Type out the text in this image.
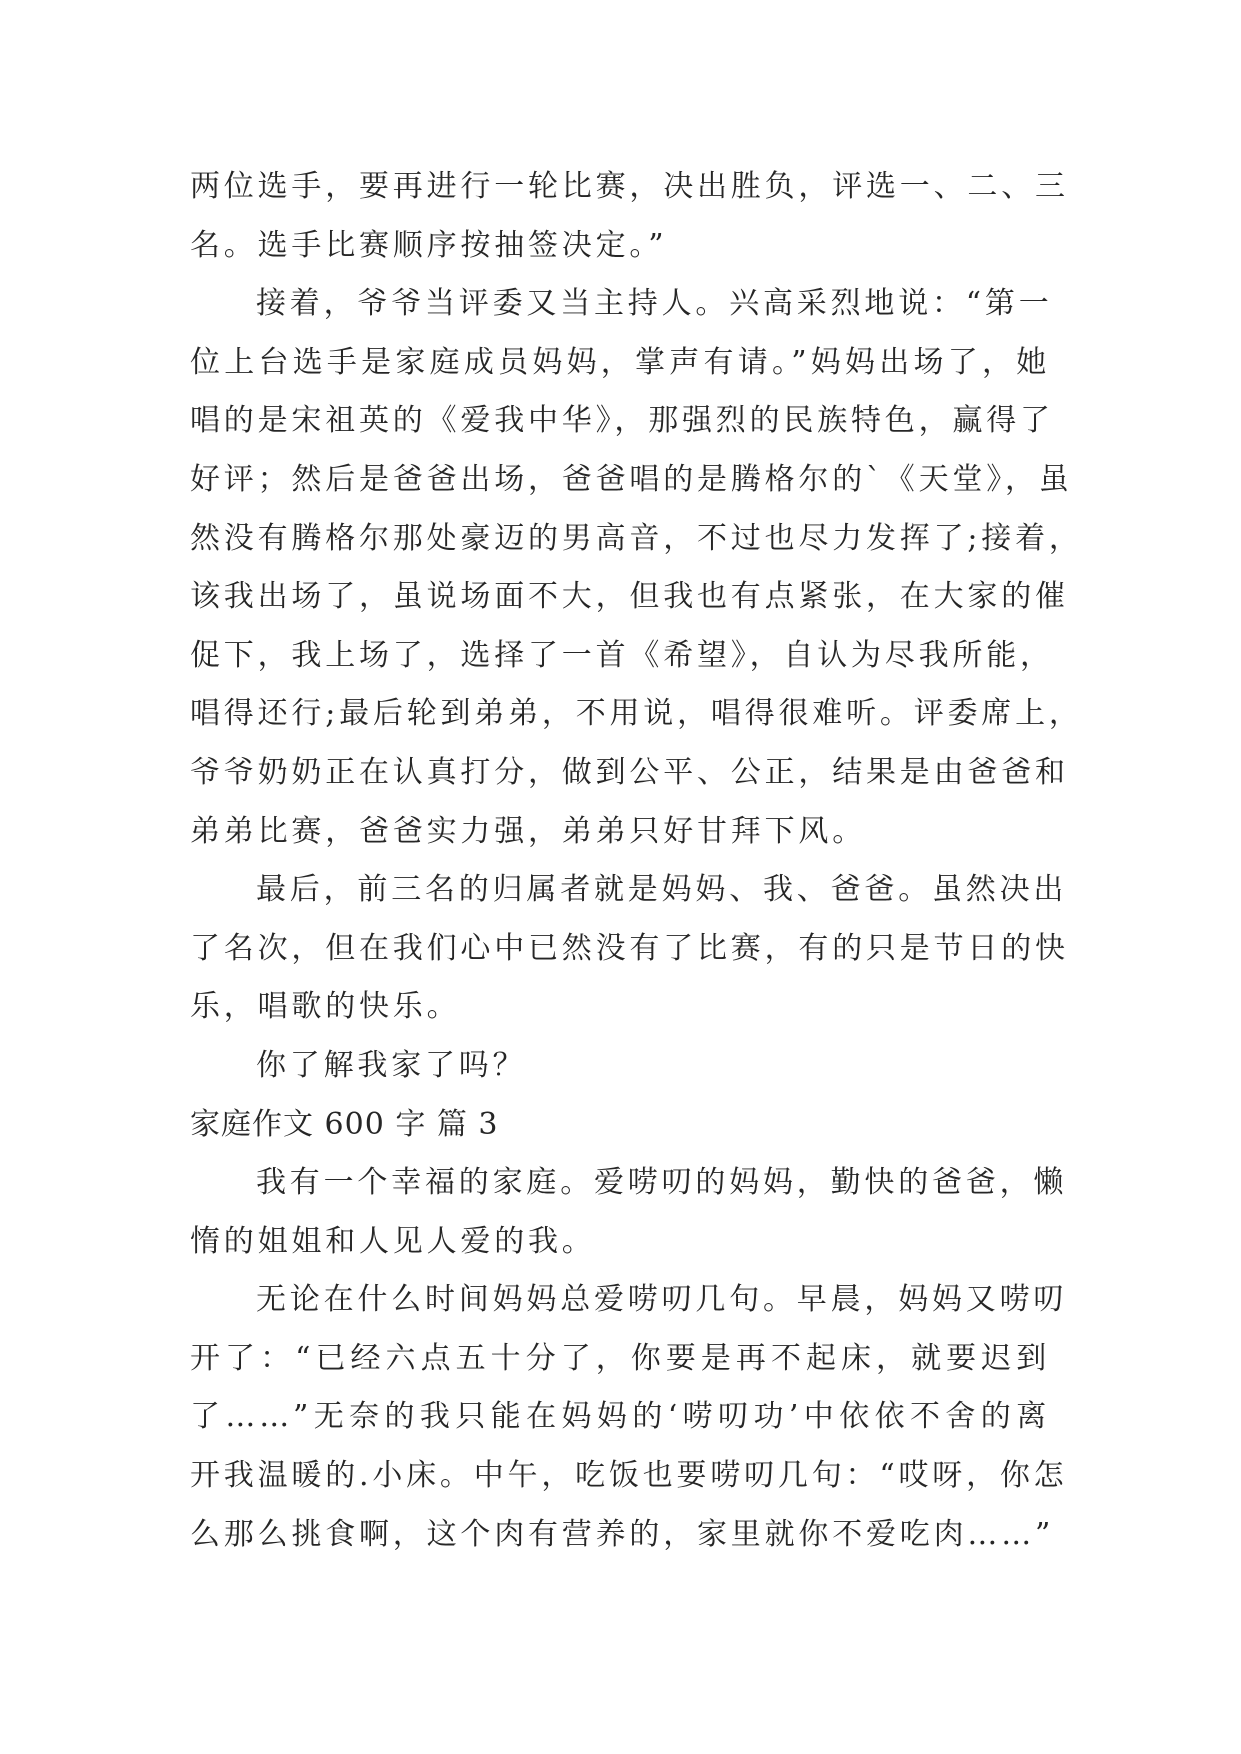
两位选手，要再进行一轮比赛，决出胜负，评选一、二、三
名。选手比赛顺序按抽签决定。”
接着，爷爷当评委又当主持人。兴高采烈地说：“第一
位上台选手是家庭成员妈妈，掌声有请。”妈妈出场了，她
唱的是宋祖英的《爱我中华》，那强烈的民族特色，赢得了
好评；然后是爸爸出场，爸爸唱的是腾格尔的`《天堂》，虽
然没有腾格尔那处豪迈的男高音，不过也尽力发挥了;接着，
该我出场了，虽说场面不大，但我也有点紧张，在大家的催
促下，我上场了，选择了一首《希望》，自认为尽我所能，
唱得还行;最后轮到弟弟，不用说，唱得很难听。评委席上，
爷爷奶奶正在认真打分，做到公平、公正，结果是由爸爸和
弟弟比赛，爸爸实力强，弟弟只好甘拜下风。
最后，前三名的归属者就是妈妈、我、爸爸。虽然决出
了名次，但在我们心中已然没有了比赛，有的只是节日的快
乐，唱歌的快乐。
你了解我家了吗？
家庭作文 600 字 篇 3
我有一个幸福的家庭。爱唠叨的妈妈，勤快的爸爸，懒
惰的姐姐和人见人爱的我。
无论在什么时间妈妈总爱唠叨几句。早晨，妈妈又唠叨
开了：“已经六点五十分了，你要是再不起床，就要迟到
了……”无奈的我只能在妈妈的‘唠叨功’中依依不舍的离
开我温暖的.小床。中午，吃饭也要唠叨几句：“哎呀，你怎
么那么挑食啊，这个肉有营养的，家里就你不爱吃肉……”
